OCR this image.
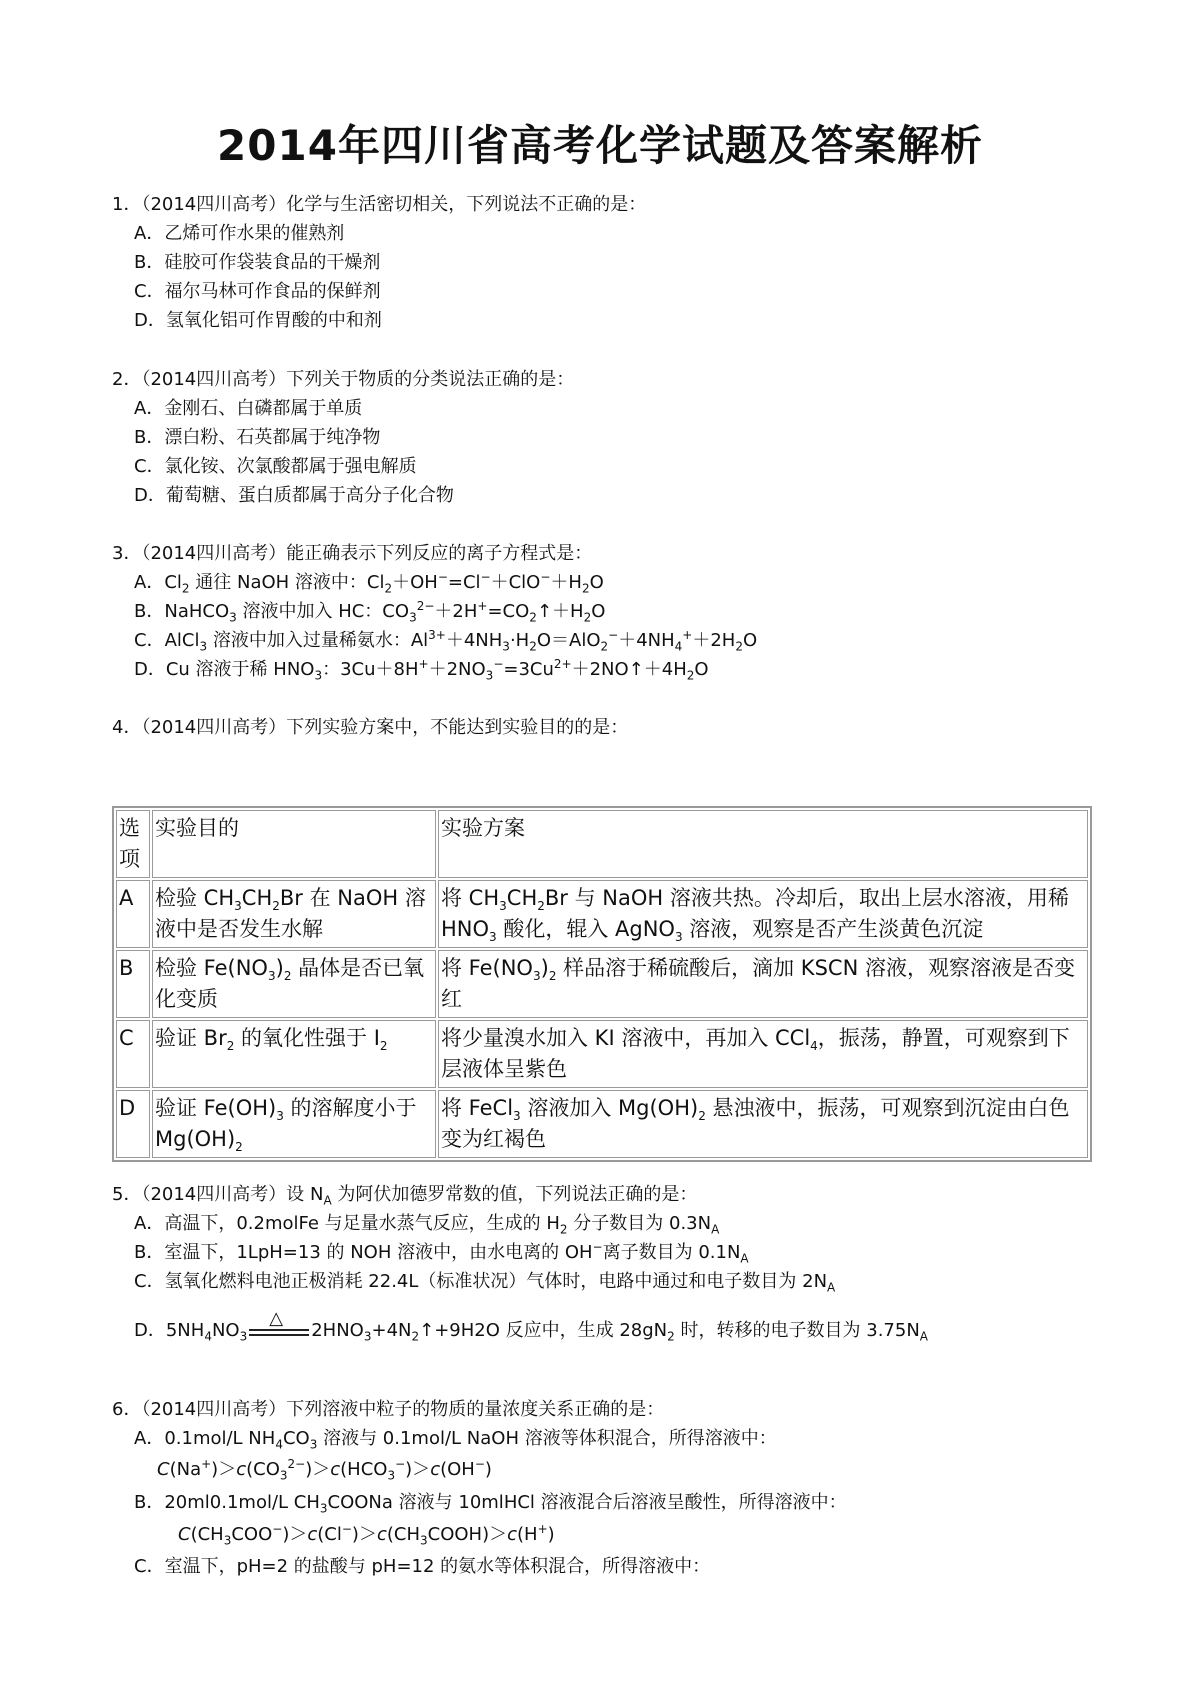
2014年四川省高考化学试题及答案解析
1．（2014四川高考）化学与生活密切相关，下列说法不正确的是：
A．乙烯可作水果的催熟剂
B．硅胶可作袋装食品的干燥剂
C．福尔马林可作食品的保鲜剂
D．氢氧化铝可作胃酸的中和剂
2．（2014四川高考）下列关于物质的分类说法正确的是：
A．金刚石、白磷都属于单质
B．漂白粉、石英都属于纯净物
C．氯化铵、次氯酸都属于强电解质
D．葡萄糖、蛋白质都属于高分子化合物
3．（2014四川高考）能正确表示下列反应的离子方程式是：
A．$Cl_2$ 通往 NaOH 溶液中：$Cl_2+OH^-=Cl^-+ClO^-+H_2O$
B．NaHCO$_3$ 溶液中加入 HC：$CO_3^{2-}+2H^+=CO_2↑+H_2O$
C．AlCl$_3$ 溶液中加入过量稀氨水：$Al^{3+}+4NH_3\cdot H_2O=AlO_2^-+4NH_4^++2H_2O$
D．Cu 溶液于稀 $HNO_3$：$3Cu+8H^++2NO_3^-=3Cu^{2+}+2NO↑+4H_2O$
4．（2014四川高考）下列实验方案中，不能达到实验目的的是：
选项	实验目的	实验方案
A	检验 $CH_3CH_2Br$ 在 NaOH 溶液中是否发生水解	将 $CH_3CH_2Br$ 与 NaOH 溶液共热。冷却后，取出上层水溶液，用稀 $HNO_3$ 酸化，辊入 AgNO$_3$ 溶液，观察是否产生淡黄色沉淀
B	检验 $Fe(NO_3)_2$ 晶体是否已氧化变质	将 $Fe(NO_3)_2$ 样品溶于稀硫酸后，滴加 KSCN 溶液，观察溶液是否变红
C	验证 $Br_2$ 的氧化性强于 $I_2$	将少量溴水加入 KI 溶液中，再加入 CCl$_4$，振荡，静置，可观察到下层液体呈紫色
D	验证 $Fe(OH)_3$ 的溶解度小于 $Mg(OH)_2$	将 FeCl$_3$ 溶液加入 $Mg(OH)_2$ 悬浊液中，振荡，可观察到沉淀由白色变为红褐色
5．（2014四川高考）设 $N_A$ 为阿伏加德罗常数的值，下列说法正确的是：
A．高温下，0.2molFe 与足量水蒸气反应，生成的 $H_2$ 分子数目为 $0.3N_A$
B．室温下，1LpH=13 的 NOH 溶液中，由水电离的 OH−离子数目为 $0.1N_A$
C．氢氧化燃料电池正极消耗 22.4L（标准状况）气体时，电路中通过和电子数目为 $2N_A$
D．$5NH_4NO_3$
△
$2HNO_3+4N_2↑+9H2O$ 反应中，生成 $28gN_2$ 时，转移的电子数目为 $3.75N_A$
6．（2014四川高考）下列溶液中粒子的物质的量浓度关系正确的是：
A．0.1mol/L $NH_4CO_3$ 溶液与 0.1mol/L NaOH 溶液等体积混合，所得溶液中：
$C(Na^+)>c(CO_3^{2-})>c(HCO_3^-)>c(OH^-)$
B．20ml0.1mol/L $CH_3COONa$ 溶液与 10mlHCl 溶液混合后溶液呈酸性，所得溶液中：
$C(CH_3COO^-)>c(Cl^-)>c(CH_3COOH)>c(H^+)$
C．室温下，pH=2 的盐酸与 pH=12 的氨水等体积混合，所得溶液中：
